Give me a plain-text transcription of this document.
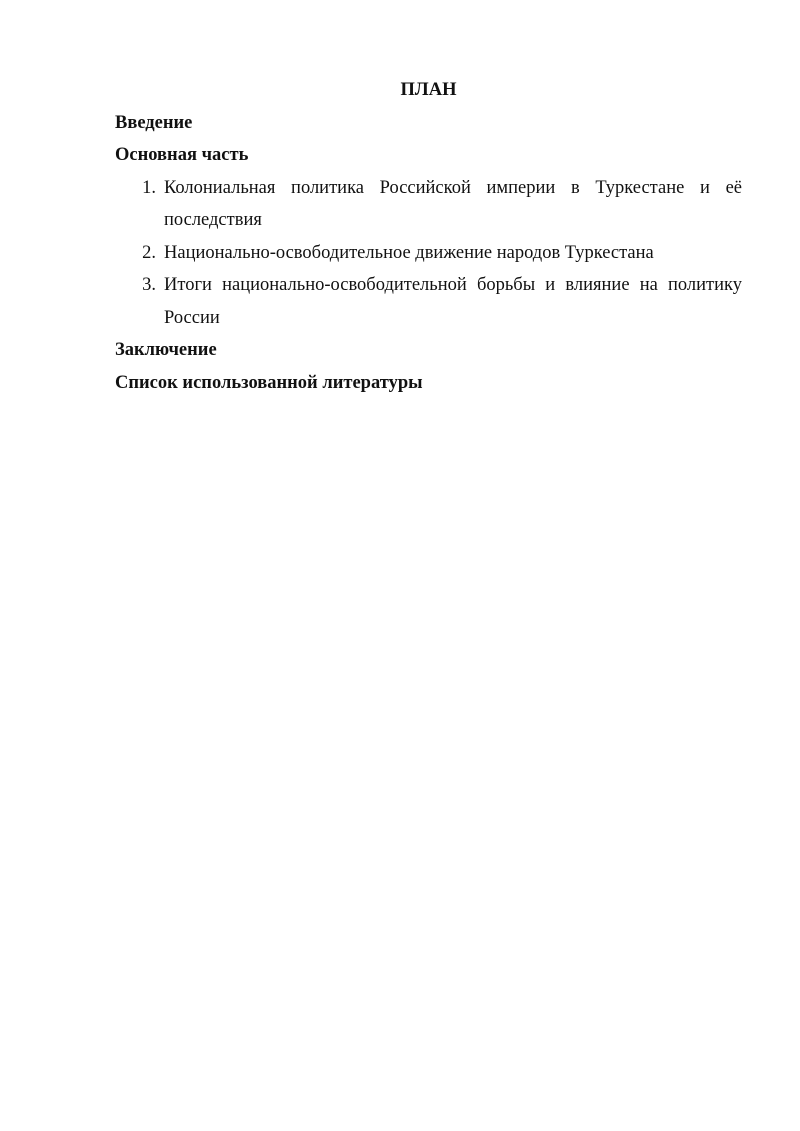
ПЛАН

Введение

Основная часть

1. Колониальная политика Российской империи в Туркестане и её последствия
2. Национально-освободительное движение народов Туркестана
3. Итоги национально-освободительной борьбы и влияние на политику России

Заключение

Список использованной литературы
